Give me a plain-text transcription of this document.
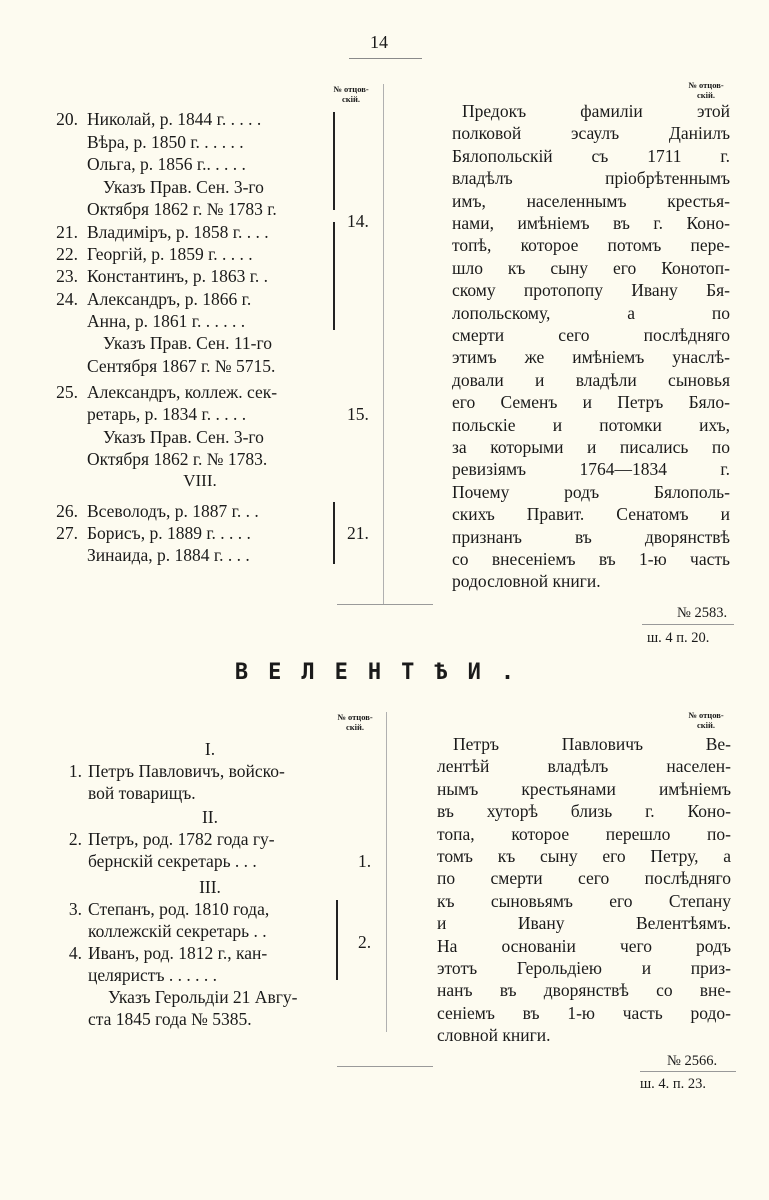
14
№ отцов-
скій.
№ отцов-
скій.
20. Николай, р. 1844 г. . . . .
Вѣра, р. 1850 г. . . . . .
Ольга, р. 1856 г.. . . . .
Указъ Прав. Сен. 3-го
Октября 1862 г. № 1783 г.
21. Владиміръ, р. 1858 г. . . .
22. Георгій, р. 1859 г. . . . .
23. Константинъ, р. 1863 г. .
24. Александръ, р. 1866 г.
Анна, р. 1861 г. . . . . .
Указъ Прав. Сен. 11-го
Сентября 1867 г. № 5715.
25. Александръ, коллеж. сек-
ретарь, р. 1834 г. . . . .
Указъ Прав. Сен. 3-го
Октября 1862 г. № 1783.
26. Всеволодъ, р. 1887 г. . .
27. Борисъ, р. 1889 г. . . . .
Зинаида, р. 1884 г. . . .
VIII.
14.
15.
21.
Предокъ фамиліи этой
полковой эсаулъ Даніилъ
Бялопольскій съ 1711 г.
владѣлъ пріобрѣтеннымъ
имъ, населеннымъ крестья-
нами, имѣніемъ въ г. Коно-
топѣ, которое потомъ пере-
шло къ сыну его Конотоп-
скому протопопу Ивану Бя-
лопольскому, а по
смерти сего послѣдняго
этимъ же имѣніемъ унаслѣ-
довали и владѣли сыновья
его Семенъ и Петръ Бяло-
польскіе и потомки ихъ,
за которыми и писались по
ревизіямъ 1764—1834 г.
Почему родъ Бялополь-
скихъ Правит. Сенатомъ и
признанъ въ дворянствѣ
со внесеніемъ въ 1-ю часть
родословной книги.
№ 2583.
ш. 4 п. 20.
ВЕЛЕНТѢИ.
№ отцов-
скій.
№ отцов-
скій.
I.
1. Петръ Павловичъ, войско-
вой товарищъ.
II.
2. Петръ, род. 1782 года гу-
бернскій секретарь . . .
III.
3. Степанъ, род. 1810 года,
коллежскій секретарь . .
4. Иванъ, род. 1812 г., кан-
целяристъ . . . . . .
Указъ Герольдіи 21 Авгу-
ста 1845 года № 5385.
1.
2.
Петръ Павловичъ Ве-
лентѣй владѣлъ населен-
нымъ крестьянами имѣніемъ
въ хуторѣ близь г. Коно-
топа, которое перешло по-
томъ къ сыну его Петру, а
по смерти сего послѣдняго
къ сыновьямъ его Степану
и Ивану Велентѣямъ.
На основанiи чего родъ
этотъ Герольдіею и приз-
нанъ въ дворянствѣ со вне-
сеніемъ въ 1-ю часть родо-
словной книги.
№ 2566.
ш. 4. п. 23.
